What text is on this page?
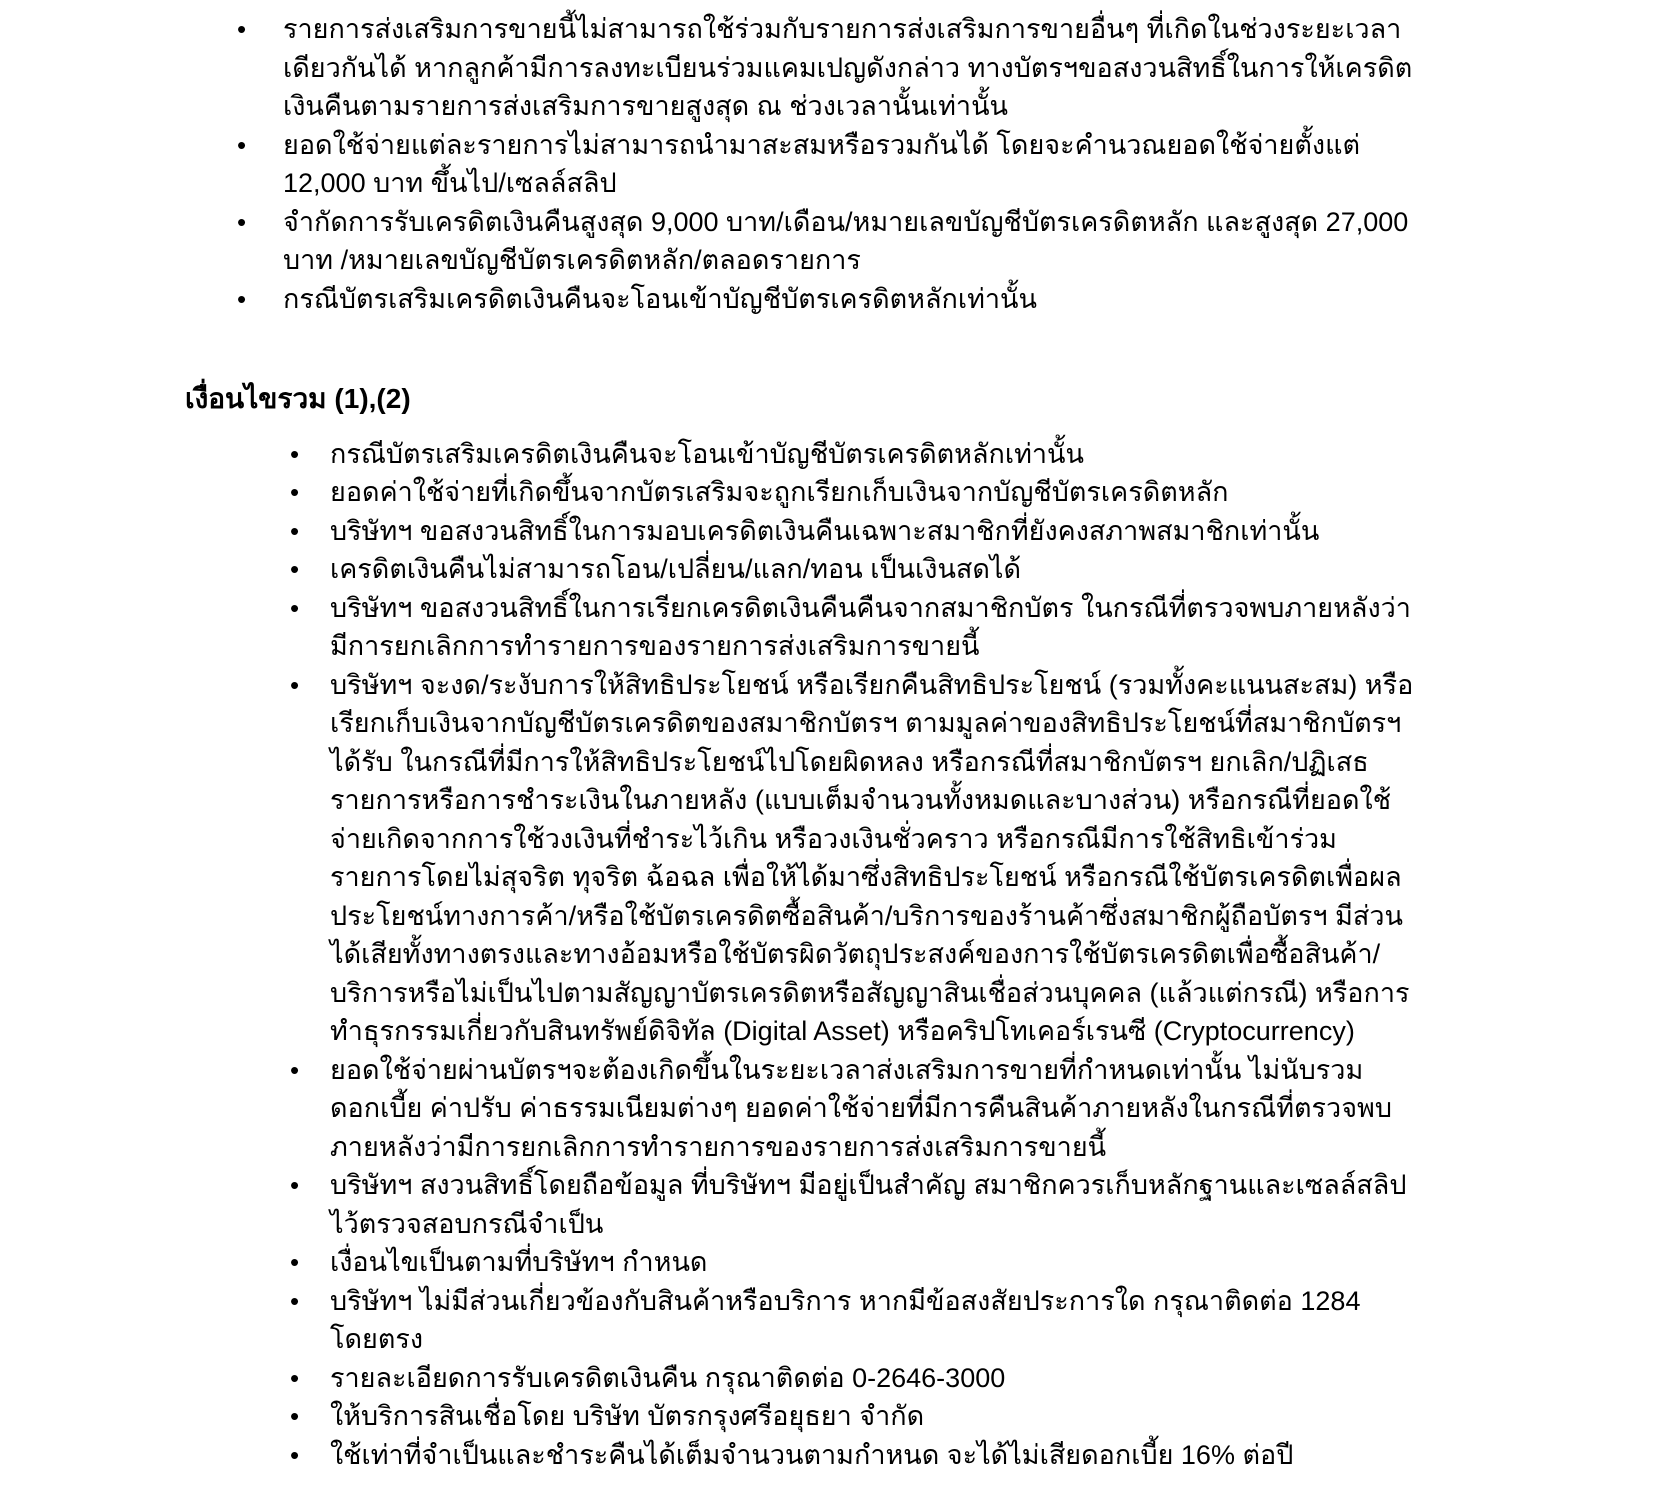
•	รายการส่งเสริมการขายนี้ไม่สามารถใช้ร่วมกับรายการส่งเสริมการขายอื่นๆ ที่เกิดในช่วงระยะเวลาเดียวกันได้ หากลูกค้ามีการลงทะเบียนร่วมแคมเปญดังกล่าว ทางบัตรฯขอสงวนสิทธิ์ในการให้เครดิตเงินคืนตามรายการส่งเสริมการขายสูงสุด ณ ช่วงเวลานั้นเท่านั้น
•	ยอดใช้จ่ายแต่ละรายการไม่สามารถนำมาสะสมหรือรวมกันได้ โดยจะคำนวณยอดใช้จ่ายตั้งแต่ 12,000 บาท ขึ้นไป/เซลล์สลิป
•	จำกัดการรับเครดิตเงินคืนสูงสุด 9,000 บาท/เดือน/หมายเลขบัญชีบัตรเครดิตหลัก และสูงสุด 27,000 บาท /หมายเลขบัญชีบัตรเครดิตหลัก/ตลอดรายการ
•	กรณีบัตรเสริมเครดิตเงินคืนจะโอนเข้าบัญชีบัตรเครดิตหลักเท่านั้น
เงื่อนไขรวม (1),(2)
•	กรณีบัตรเสริมเครดิตเงินคืนจะโอนเข้าบัญชีบัตรเครดิตหลักเท่านั้น
•	ยอดค่าใช้จ่ายที่เกิดขึ้นจากบัตรเสริมจะถูกเรียกเก็บเงินจากบัญชีบัตรเครดิตหลัก
•	บริษัทฯ ขอสงวนสิทธิ์ในการมอบเครดิตเงินคืนเฉพาะสมาชิกที่ยังคงสภาพสมาชิกเท่านั้น
•	เครดิตเงินคืนไม่สามารถโอน/เปลี่ยน/แลก/ทอน เป็นเงินสดได้
•	บริษัทฯ ขอสงวนสิทธิ์ในการเรียกเครดิตเงินคืนคืนจากสมาชิกบัตร ในกรณีที่ตรวจพบภายหลังว่ามีการยกเลิกการทำรายการของรายการส่งเสริมการขายนี้
•	บริษัทฯ จะงด/ระงับการให้สิทธิประโยชน์ หรือเรียกคืนสิทธิประโยชน์ (รวมทั้งคะแนนสะสม) หรือเรียกเก็บเงินจากบัญชีบัตรเครดิตของสมาชิกบัตรฯ ตามมูลค่าของสิทธิประโยชน์ที่สมาชิกบัตรฯ ได้รับ ในกรณีที่มีการให้สิทธิประโยชน์ไปโดยผิดหลง หรือกรณีที่สมาชิกบัตรฯ ยกเลิก/ปฏิเสธรายการหรือการชำระเงินในภายหลัง (แบบเต็มจำนวนทั้งหมดและบางส่วน) หรือกรณีที่ยอดใช้จ่ายเกิดจากการใช้วงเงินที่ชำระไว้เกิน หรือวงเงินชั่วคราว หรือกรณีมีการใช้สิทธิเข้าร่วมรายการโดยไม่สุจริต ทุจริต ฉ้อฉล เพื่อให้ได้มาซึ่งสิทธิประโยชน์ หรือกรณีใช้บัตรเครดิตเพื่อผลประโยชน์ทางการค้า/หรือใช้บัตรเครดิตซื้อสินค้า/บริการของร้านค้าซึ่งสมาชิกผู้ถือบัตรฯ มีส่วนได้เสียทั้งทางตรงและทางอ้อมหรือใช้บัตรผิดวัตถุประสงค์ของการใช้บัตรเครดิตเพื่อซื้อสินค้า/บริการหรือไม่เป็นไปตามสัญญาบัตรเครดิตหรือสัญญาสินเชื่อส่วนบุคคล (แล้วแต่กรณี) หรือการทำธุรกรรมเกี่ยวกับสินทรัพย์ดิจิทัล (Digital Asset) หรือคริปโทเคอร์เรนซี (Cryptocurrency)
•	ยอดใช้จ่ายผ่านบัตรฯจะต้องเกิดขึ้นในระยะเวลาส่งเสริมการขายที่กำหนดเท่านั้น ไม่นับรวมดอกเบี้ย ค่าปรับ ค่าธรรมเนียมต่างๆ ยอดค่าใช้จ่ายที่มีการคืนสินค้าภายหลังในกรณีที่ตรวจพบภายหลังว่ามีการยกเลิกการทำรายการของรายการส่งเสริมการขายนี้
•	บริษัทฯ สงวนสิทธิ์โดยถือข้อมูล ที่บริษัทฯ มีอยู่เป็นสำคัญ สมาชิกควรเก็บหลักฐานและเซลล์สลิปไว้ตรวจสอบกรณีจำเป็น
•	เงื่อนไขเป็นตามที่บริษัทฯ กำหนด
•	บริษัทฯ ไม่มีส่วนเกี่ยวข้องกับสินค้าหรือบริการ หากมีข้อสงสัยประการใด กรุณาติดต่อ 1284 โดยตรง
•	รายละเอียดการรับเครดิตเงินคืน กรุณาติดต่อ 0-2646-3000
•	ให้บริการสินเชื่อโดย บริษัท บัตรกรุงศรีอยุธยา จำกัด
•	ใช้เท่าที่จำเป็นและชำระคืนได้เต็มจำนวนตามกำหนด จะได้ไม่เสียดอกเบี้ย 16% ต่อปี
